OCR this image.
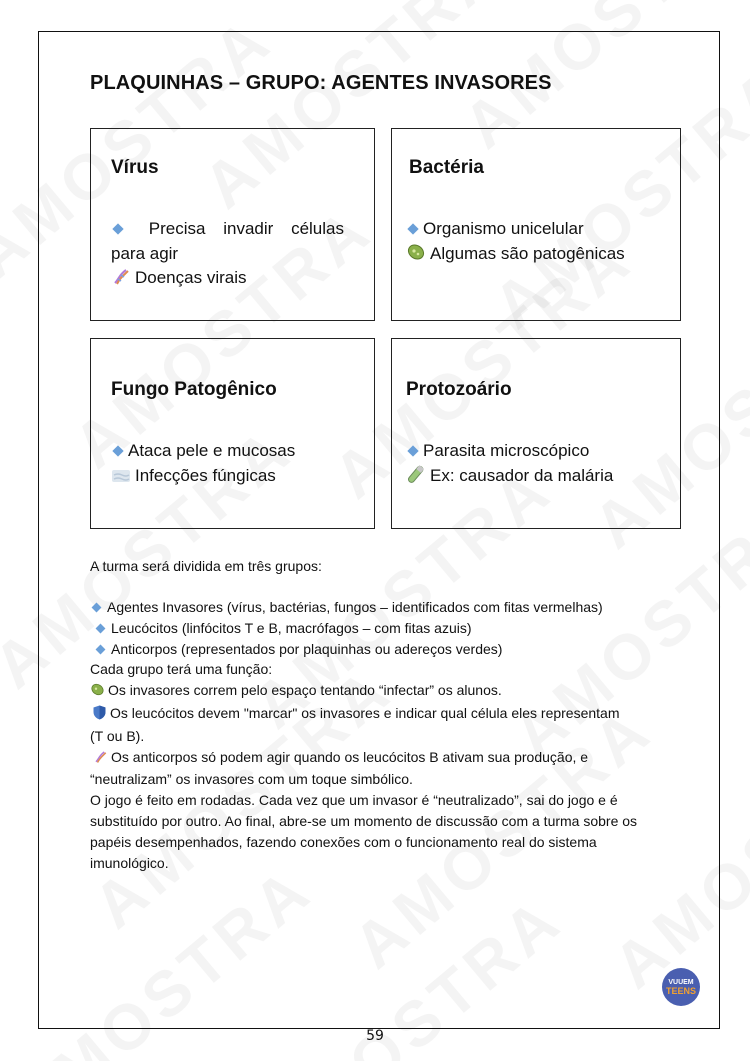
PLAQUINHAS – GRUPO: AGENTES INVASORES
Vírus
Precisa invadir células
para agir
Doenças virais
Bactéria
Organismo unicelular
Algumas são patogênicas
Fungo Patogênico
Ataca pele e mucosas
Infecções fúngicas
Protozoário
Parasita microscópico
Ex: causador da malária
A turma será dividida em três grupos:
Agentes Invasores (vírus, bactérias, fungos – identificados com fitas vermelhas)
Leucócitos (linfócitos T e B, macrófagos – com fitas azuis)
Anticorpos (representados por plaquinhas ou adereços verdes)
Cada grupo terá uma função:
Os invasores correm pelo espaço tentando “infectar” os alunos.
Os leucócitos devem "marcar" os invasores e indicar qual célula eles representam
(T ou B).
Os anticorpos só podem agir quando os leucócitos B ativam sua produção, e
“neutralizam” os invasores com um toque simbólico.
O jogo é feito em rodadas. Cada vez que um invasor é “neutralizado”, sai do jogo e é
substituído por outro. Ao final, abre-se um momento de discussão com a turma sobre os
papéis desempenhados, fazendo conexões com o funcionamento real do sistema
imunológico.
VUUEM
TEENS
59
